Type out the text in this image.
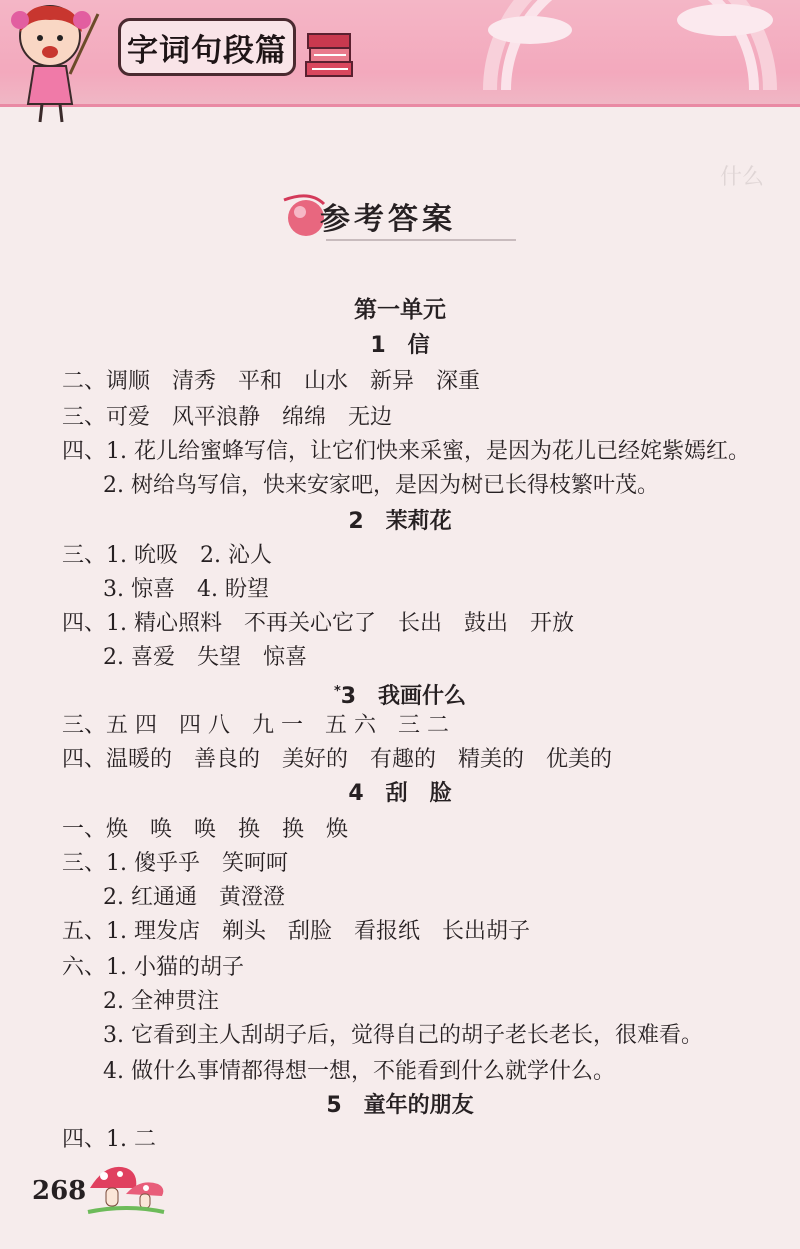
字词句段篇
什么
参考答案
第一单元
1　信
二、调顺　清秀　平和　山水　新异　深重
三、可爱　风平浪静　绵绵　无边
四、1. 花儿给蜜蜂写信，让它们快来采蜜，是因为花儿已经姹紫嫣红。
2. 树给鸟写信，快来安家吧，是因为树已长得枝繁叶茂。
2　茉莉花
三、1. 吮吸　2. 沁人
3. 惊喜　4. 盼望
四、1. 精心照料　不再关心它了　长出　鼓出　开放
2. 喜爱　失望　惊喜
*3　我画什么
三、五 四　四 八　九 一　五 六　三 二
四、温暖的　善良的　美好的　有趣的　精美的　优美的
4　刮　脸
一、焕　唤　唤　换　换　焕
三、1. 傻乎乎　笑呵呵
2. 红通通　黄澄澄
五、1. 理发店　剃头　刮脸　看报纸　长出胡子
六、1. 小猫的胡子
2. 全神贯注
3. 它看到主人刮胡子后，觉得自己的胡子老长老长，很难看。
4. 做什么事情都得想一想，不能看到什么就学什么。
5　童年的朋友
四、1. 二
268
